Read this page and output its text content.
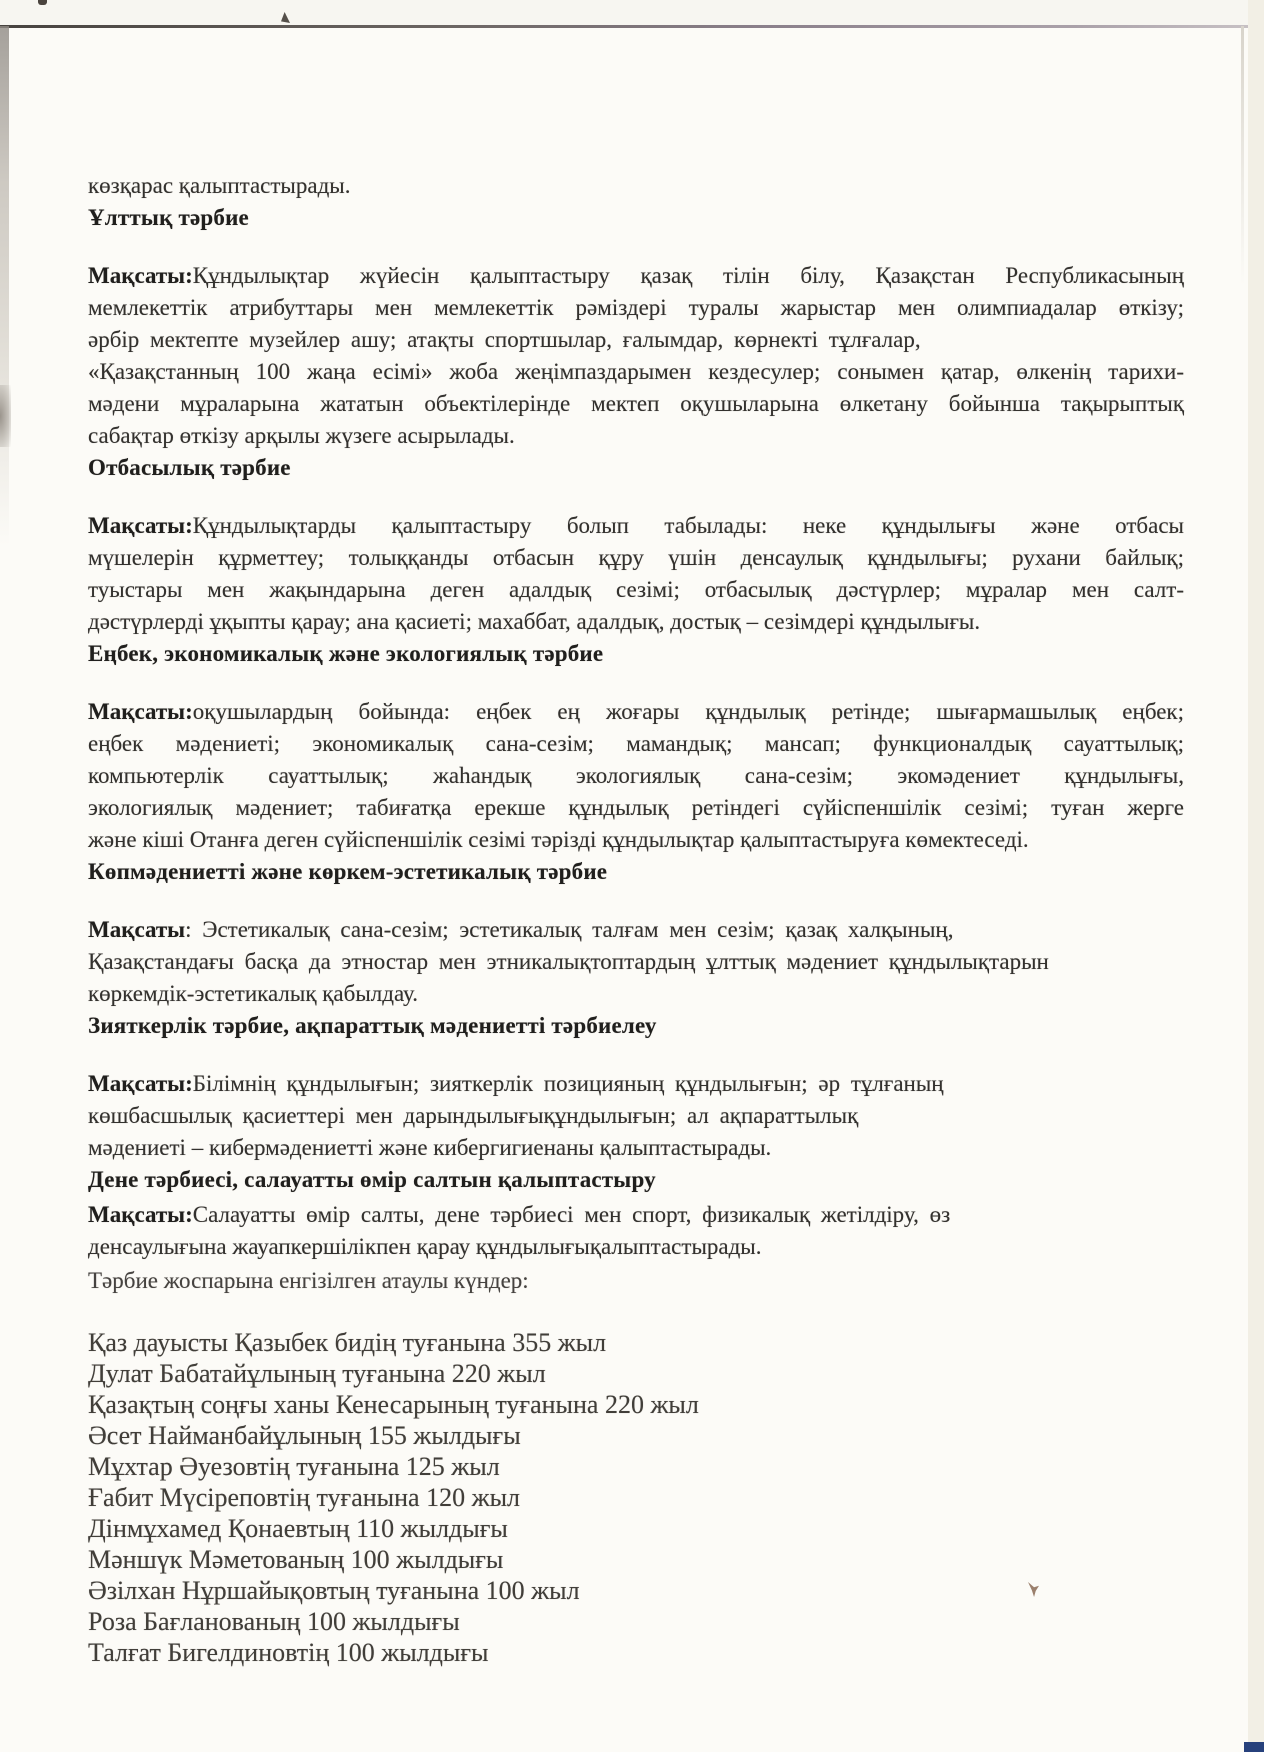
көзқарас қалыптастырады.

Ұлттық тәрбие

Мақсаты:Құндылықтар жүйесін қалыптастыру қазақ тілін білу, Қазақстан Республикасының

мемлекеттік атрибуттары мен мемлекеттік рәміздері туралы жарыстар мен олимпиадалар өткізу;

әрбір мектепте музейлер ашу; атақты спортшылар, ғалымдар, көрнекті тұлғалар,

«Қазақстанның 100 жаңа есімі» жоба жеңімпаздарымен кездесулер; сонымен қатар, өлкенің тарихи-

мәдени мұраларына жататын объектілерінде мектеп оқушыларына өлкетану бойынша тақырыптық

сабақтар өткізу арқылы жүзеге асырылады.

Отбасылық тәрбие

Мақсаты:Құндылықтарды қалыптастыру болып табылады: неке құндылығы және отбасы

мүшелерін құрметтеу; толыққанды отбасын құру үшін денсаулық құндылығы; рухани байлық;

туыстары мен жақындарына деген адалдық сезімі; отбасылық дәстүрлер; мұралар мен салт-

дәстүрлерді ұқыпты қарау; ана қасиеті; махаббат, адалдық, достық – сезімдері құндылығы.

Еңбек, экономикалық және экологиялық тәрбие

Мақсаты:оқушылардың бойында: еңбек ең жоғары құндылық ретінде; шығармашылық еңбек;

еңбек мәдениеті; экономикалық сана-сезім; мамандық; мансап; функционалдық сауаттылық;

компьютерлік сауаттылық; жаһандық экологиялық сана-сезім; экомәдениет құндылығы,

экологиялық мәдениет; табиғатқа ерекше құндылық ретіндегі сүйіспеншілік сезімі; туған жерге

және кіші Отанға деген сүйіспеншілік сезімі тәрізді құндылықтар қалыптастыруға көмектеседі.

Көпмәдениетті және көркем-эстетикалық тәрбие

Мақсаты: Эстетикалық сана-сезім; эстетикалық талғам мен сезім; қазақ халқының,

Қазақстандағы басқа да этностар мен этникалықтоптардың ұлттық мәдениет құндылықтарын

көркемдік-эстетикалық қабылдау.

Зияткерлік тәрбие, ақпараттық мәдениетті тәрбиелеу

Мақсаты:Білімнің құндылығын; зияткерлік позицияның құндылығын; әр тұлғаның

көшбасшылық қасиеттері мен дарындылығықұндылығын; ал ақпараттылық

мәдениеті – кибермәдениетті және кибергигиенаны қалыптастырады.

Дене тәрбиесі, салауатты өмір салтын қалыптастыру

Мақсаты:Салауатты өмір салты, дене тәрбиесі мен спорт, физикалық жетілдіру, өз

денсаулығына жауапкершілікпен қарау құндылығықалыптастырады.

Тәрбие жоспарына енгізілген атаулы күндер:

Қаз дауысты Қазыбек бидің туғанына 355 жыл

Дулат Бабатайұлының туғанына 220 жыл

Қазақтың соңғы ханы Кенесарының туғанына 220 жыл

Әсет Найманбайұлының 155 жылдығы

Мұхтар Әуезовтің туғанына 125 жыл

Ғабит Мүсіреповтің туғанына 120 жыл

Дінмұхамед Қонаевтың 110 жылдығы

Мәншүк Мәметованың 100 жылдығы

Әзілхан Нұршайықовтың туғанына 100 жыл

Роза Бағланованың 100 жылдығы

Талғат Бигелдиновтің 100 жылдығы
